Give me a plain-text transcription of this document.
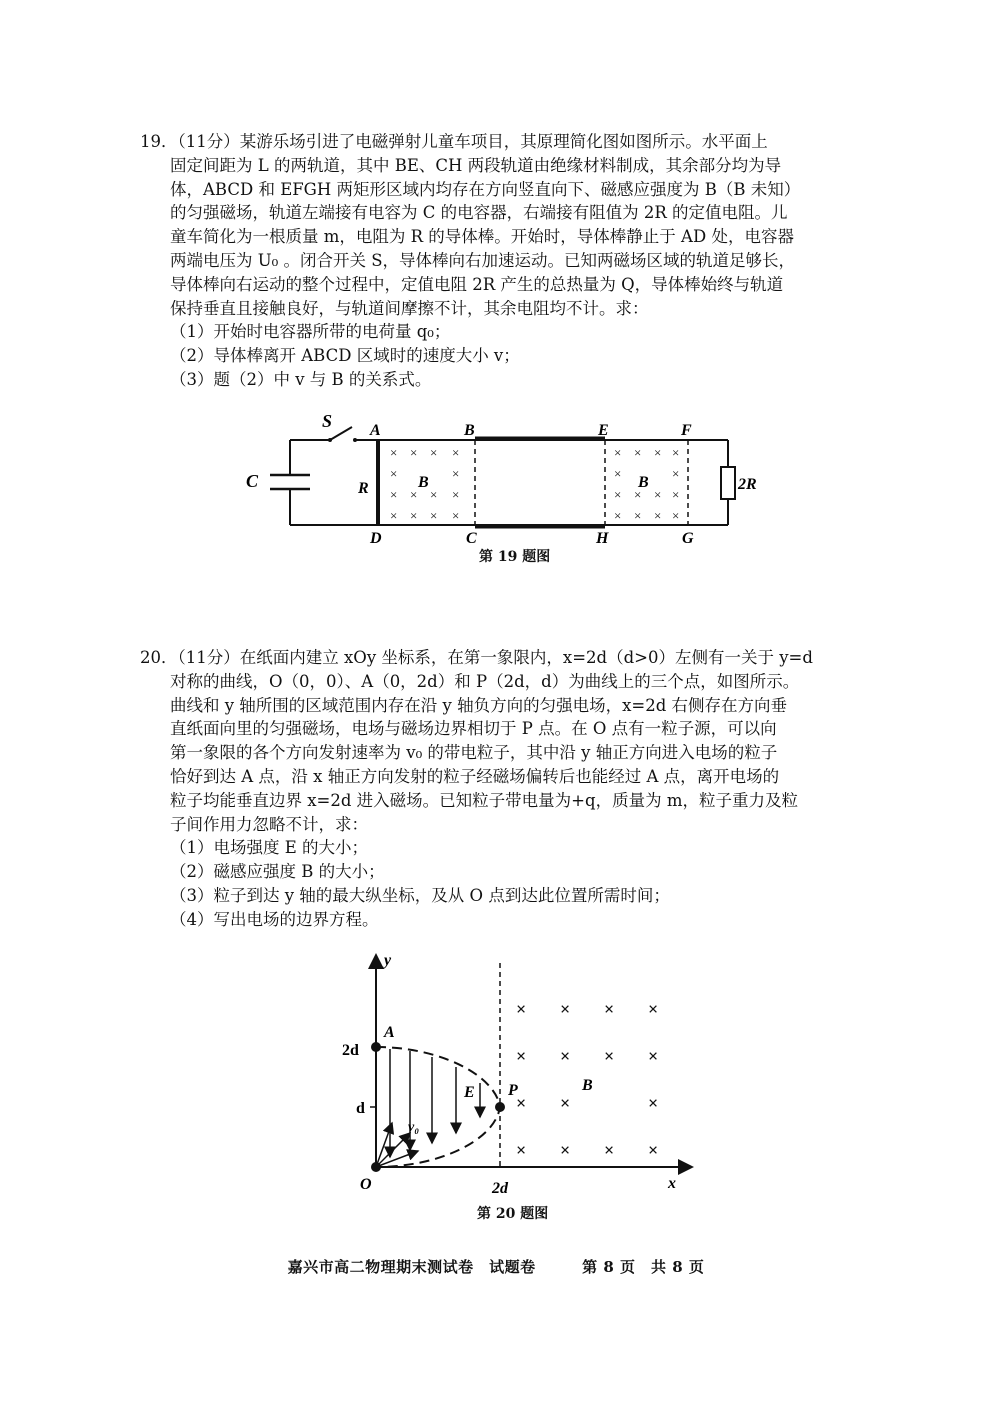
19．（11分）某游乐场引进了电磁弹射儿童车项目，其原理简化图如图所示。水平面上

固定间距为 L 的两轨道，其中 BE、CH 两段轨道由绝缘材料制成，其余部分均为导

体，ABCD 和 EFGH 两矩形区域内均存在方向竖直向下、磁感应强度为 B（B 未知）

的匀强磁场，轨道左端接有电容为 C 的电容器，右端接有阻值为 2R 的定值电阻。儿

童车简化为一根质量 m，电阻为 R 的导体棒。开始时，导体棒静止于 AD 处，电容器

两端电压为 U₀ 。闭合开关 S，导体棒向右加速运动。已知两磁场区域的轨道足够长，

导体棒向右运动的整个过程中，定值电阻 2R 产生的总热量为 Q，导体棒始终与轨道

保持垂直且接触良好，与轨道间摩擦不计，其余电阻均不计。求：

（1）开始时电容器所带的电荷量 q₀；

（2）导体棒离开 ABCD 区域时的速度大小 v；

（3）题（2）中 v 与 B 的关系式。

× × × ×
×	×
× × × ×
× × × ×
× × × ×
×	×
× × × ×
× × × ×
S A	B	E	F
C	R	B	B	2R
D	C	H	G
第 19 题图

20．（11分）在纸面内建立 xOy 坐标系，在第一象限内，x=2d（d>0）左侧有一关于 y=d

对称的曲线，O（0，0）、A（0，2d）和 P（2d，d）为曲线上的三个点，如图所示。

曲线和 y 轴所围的区域范围内存在沿 y 轴负方向的匀强电场，x=2d 右侧存在方向垂

直纸面向里的匀强磁场，电场与磁场边界相切于 P 点。在 O 点有一粒子源，可以向

第一象限的各个方向发射速率为 v₀ 的带电粒子，其中沿 y 轴正方向进入电场的粒子

恰好到达 A 点，沿 x 轴正方向发射的粒子经磁场偏转后也能经过 A 点，离开电场的

粒子均能垂直边界 x=2d 进入磁场。已知粒子带电量为+q，质量为 m，粒子重力及粒

子间作用力忽略不计，求：

（1）电场强度 E 的大小；

（2）磁感应强度 B 的大小；

（3）粒子到达 y 轴的最大纵坐标，及从 O 点到达此位置所需时间；

（4）写出电场的边界方程。

× × × ×
× × × ×
× ×	×
× × × ×
y
A
2d
E P	B
d
v₀
O	2d	x
第 20 题图
嘉兴市高二物理期末测试卷　试题卷　　　第 8 页　共 8 页
